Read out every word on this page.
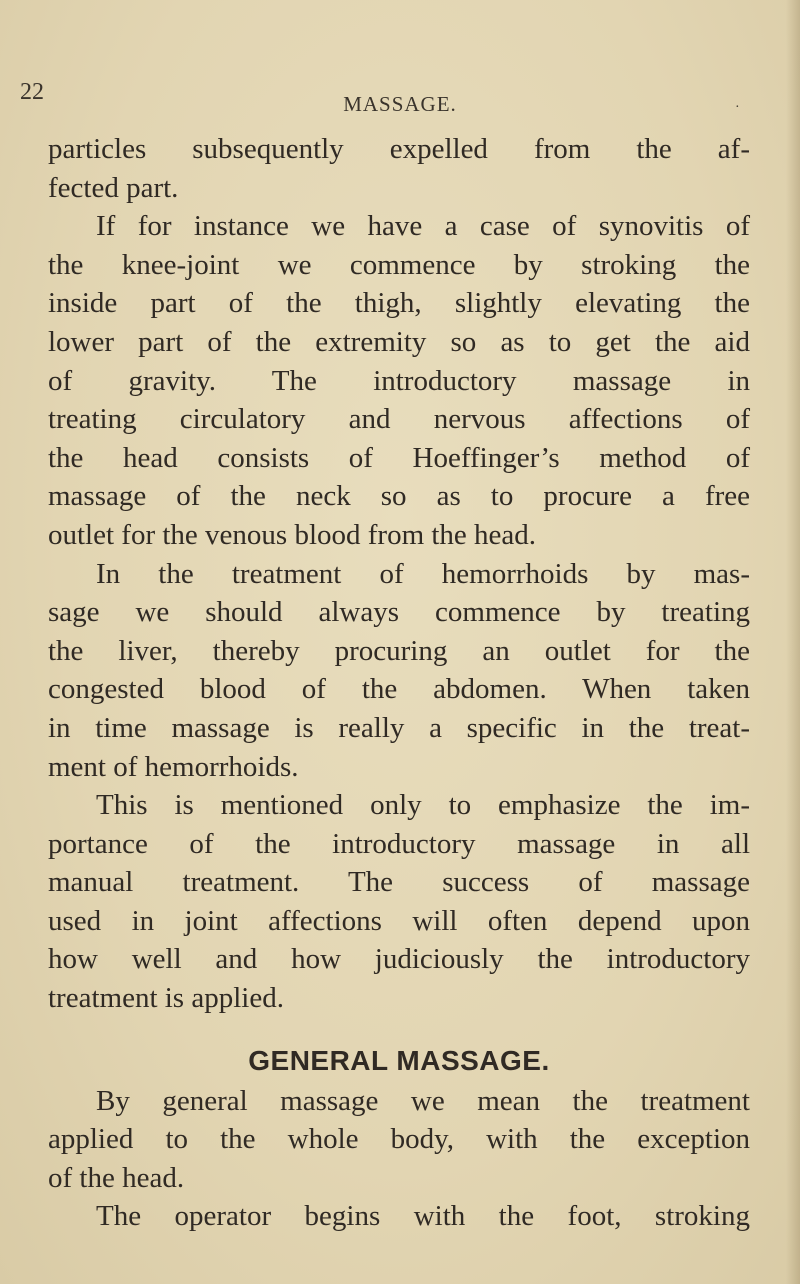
22	MASSAGE.	·

particles subsequently expelled from the af-
fected part.

If for instance we have a case of synovitis of
the knee-joint we commence by stroking the
inside part of the thigh, slightly elevating the
lower part of the extremity so as to get the aid
of gravity. The introductory massage in
treating circulatory and nervous affections of
the head consists of Hoeffinger’s method of
massage of the neck so as to procure a free
outlet for the venous blood from the head.

In the treatment of hemorrhoids by mas-
sage we should always commence by treating
the liver, thereby procuring an outlet for the
congested blood of the abdomen. When taken
in time massage is really a specific in the treat-
ment of hemorrhoids.

This is mentioned only to emphasize the im-
portance of the introductory massage in all
manual treatment. The success of massage
used in joint affections will often depend upon
how well and how judiciously the introductory
treatment is applied.

GENERAL MASSAGE.

By general massage we mean the treatment
applied to the whole body, with the exception
of the head.

The operator begins with the foot, stroking
